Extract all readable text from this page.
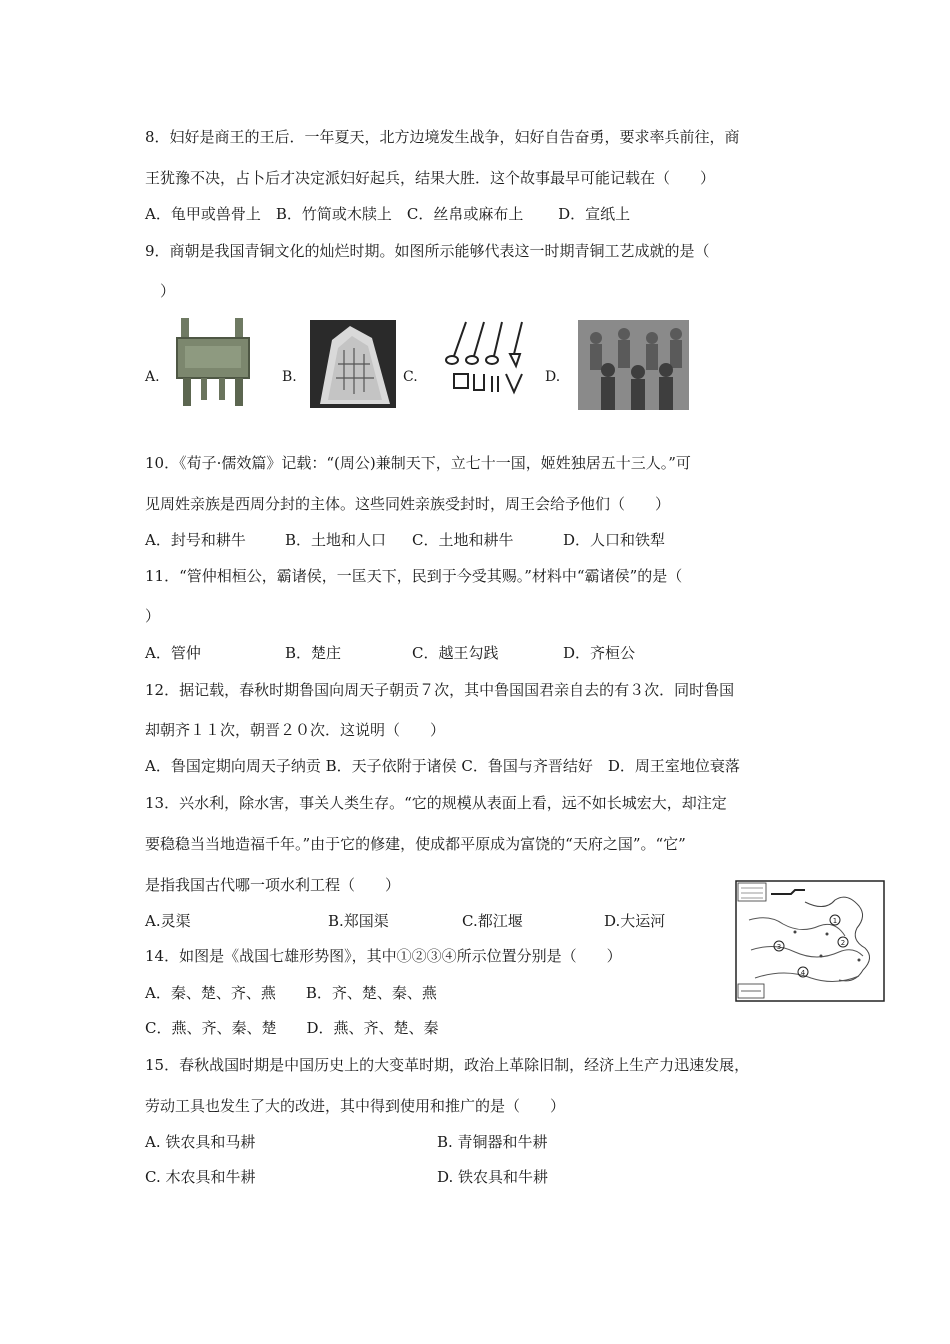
8．妇好是商王的王后．一年夏天，北方边境发生战争，妇好自告奋勇，要求率兵前往，商
王犹豫不决，占卜后才决定派妇好起兵，结果大胜．这个故事最早可能记载在（　　）
A．龟甲或兽骨上　B．竹简或木牍上　C．丝帛或麻布上　　 D．宣纸上
9．商朝是我国青铜文化的灿烂时期。如图所示能够代表这一时期青铜工艺成就的是（
　）
A.	B.	C.	D.
10．《荀子·儒效篇》记载：“(周公)兼制天下，立七十一国，姬姓独居五十三人。”可
见周姓亲族是西周分封的主体。这些同姓亲族受封时，周王会给予他们（　　）
A．封号和耕牛	B．土地和人口 C．土地和耕牛	D．人口和铁犁
11．“管仲相桓公，霸诸侯，一匡天下，民到于今受其赐。”材料中“霸诸侯”的是（
）
A．管仲	B．楚庄	C．越王勾践	D．齐桓公
12．据记载，春秋时期鲁国向周天子朝贡７次，其中鲁国国君亲自去的有３次．同时鲁国
却朝齐１１次，朝晋２０次．这说明（　　）
A．鲁国定期向周天子纳贡 B．天子依附于诸侯 C．鲁国与齐晋结好　D．周王室地位衰落
13．兴水利，除水害，事关人类生存。“它的规模从表面上看，远不如长城宏大，却注定
要稳稳当当地造福千年。”由于它的修建，使成都平原成为富饶的“天府之国”。“它”
是指我国古代哪一项水利工程（　　）
A.灵渠	B.郑国渠	C.都江堰	D.大运河	1
2
3
4
14．如图是《战国七雄形势图》，其中①②③④所示位置分别是（　　）
A．秦、楚、齐、燕　　B．齐、楚、秦、燕
C．燕、齐、秦、楚　　D．燕、齐、楚、秦
15．春秋战国时期是中国历史上的大变革时期，政治上革除旧制，经济上生产力迅速发展，
劳动工具也发生了大的改进，其中得到使用和推广的是（　　）
A. 铁农具和马耕	B. 青铜器和牛耕
C. 木农具和牛耕	D. 铁农具和牛耕
